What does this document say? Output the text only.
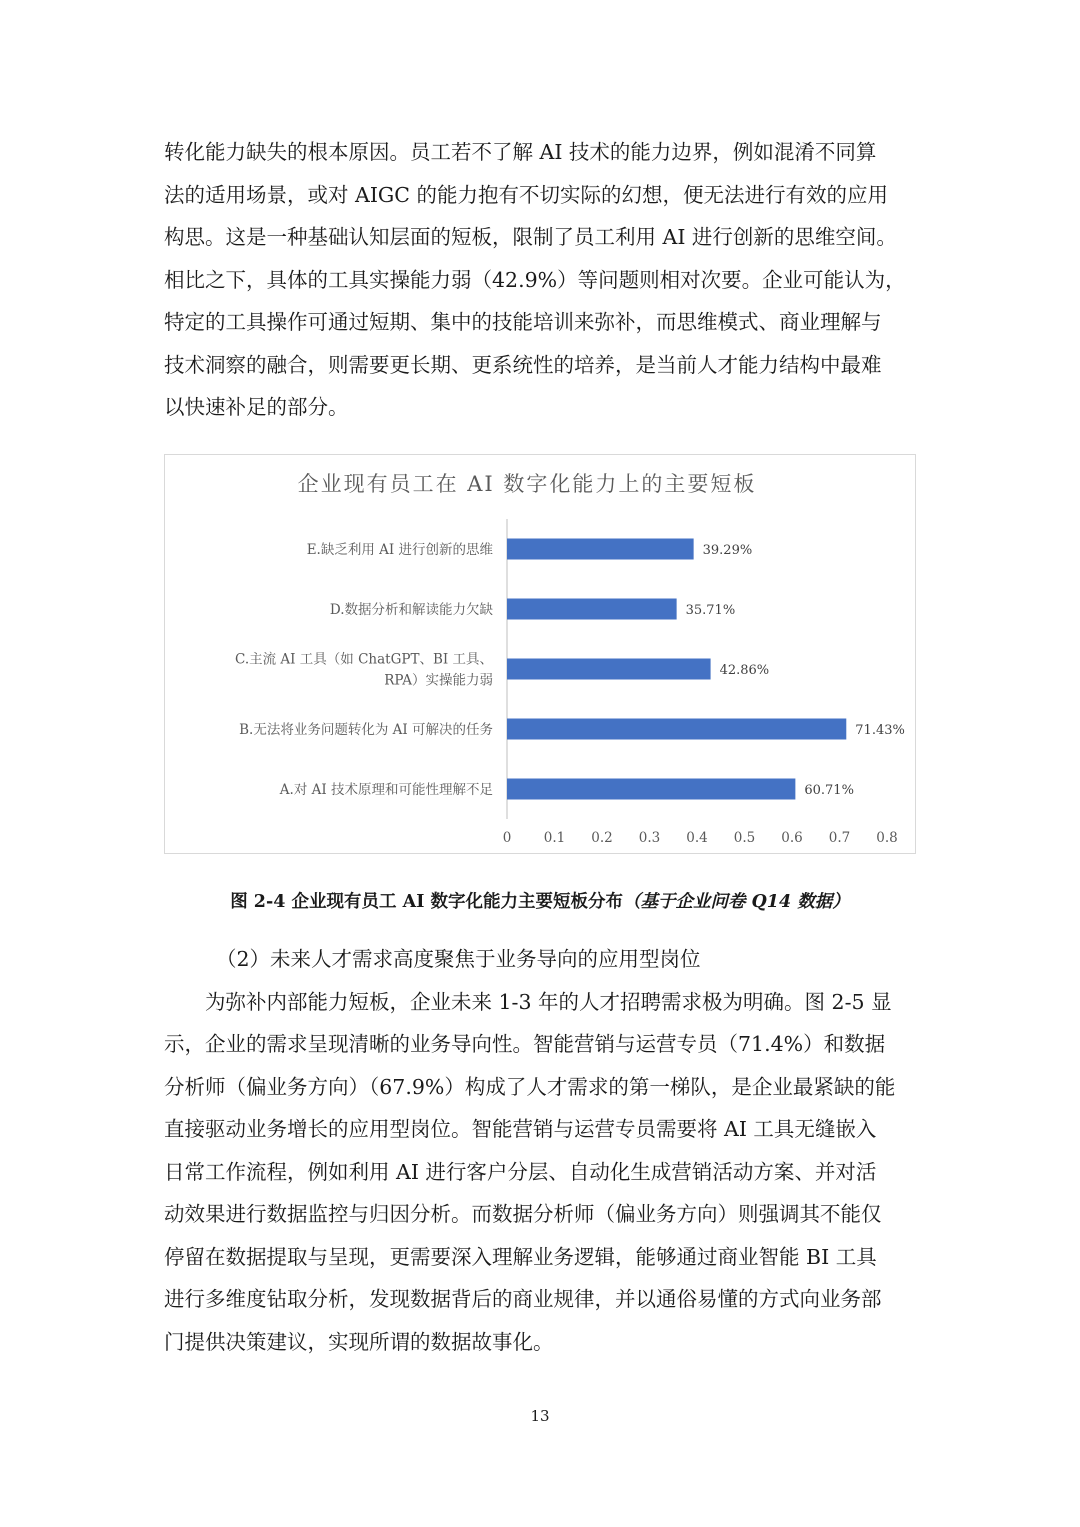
转化能力缺失的根本原因。员工若不了解 AI 技术的能力边界，例如混淆不同算
法的适用场景，或对 AIGC 的能力抱有不切实际的幻想，便无法进行有效的应用
构思。这是一种基础认知层面的短板，限制了员工利用 AI 进行创新的思维空间。
相比之下，具体的工具实操能力弱（42.9%）等问题则相对次要。企业可能认为，
特定的工具操作可通过短期、集中的技能培训来弥补，而思维模式、商业理解与
技术洞察的融合，则需要更长期、更系统性的培养，是当前人才能力结构中最难
以快速补足的部分。
企业现有员工在 AI 数字化能力上的主要短板
39.29%
E.缺乏利用 AI 进行创新的思维
35.71%
D.数据分析和解读能力欠缺
42.86%
C.主流 AI 工具（如 ChatGPT、BI 工具、
RPA）实操能力弱
71.43%
B.无法将业务问题转化为 AI 可解决的任务
60.71%
A.对 AI 技术原理和可能性理解不足
0 0.1 0.2 0.3 0.4 0.5 0.6 0.7 0.8
图 2-4 企业现有员工 AI 数字化能力主要短板分布（基于企业问卷 Q14 数据）
（2）未来人才需求高度聚焦于业务导向的应用型岗位
为弥补内部能力短板，企业未来 1-3 年的人才招聘需求极为明确。图 2-5 显
示，企业的需求呈现清晰的业务导向性。智能营销与运营专员（71.4%）和数据
分析师（偏业务方向）（67.9%）构成了人才需求的第一梯队，是企业最紧缺的能
直接驱动业务增长的应用型岗位。智能营销与运营专员需要将 AI 工具无缝嵌入
日常工作流程，例如利用 AI 进行客户分层、自动化生成营销活动方案、并对活
动效果进行数据监控与归因分析。而数据分析师（偏业务方向）则强调其不能仅
停留在数据提取与呈现，更需要深入理解业务逻辑，能够通过商业智能 BI 工具
进行多维度钻取分析，发现数据背后的商业规律，并以通俗易懂的方式向业务部
门提供决策建议，实现所谓的数据故事化。
13
